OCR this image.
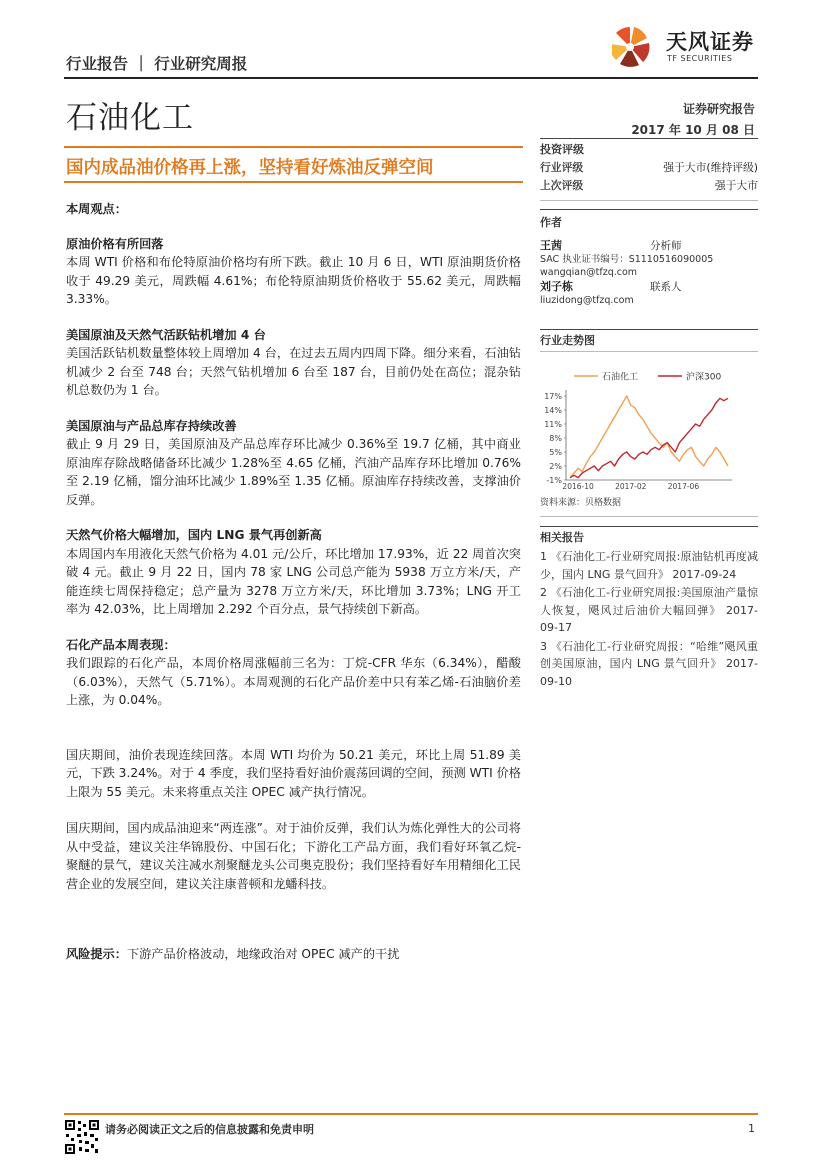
行业报告 ｜ 行业研究周报
天风证券
TF SECURITIES
石油化工	证券研究报告
2017 年 10 月 08 日
国内成品油价格再上涨，坚持看好炼油反弹空间
本周观点：
原油价格有所回落

本周 WTI 价格和布伦特原油价格均有所下跌。截止 10 月 6 日，WTI 原油期货价格收于 49.29 美元，周跌幅 4.61%；布伦特原油期货价格收于 55.62 美元，周跌幅 3.33%。

美国原油及天然气活跃钻机增加 4 台

美国活跃钻机数量整体较上周增加 4 台，在过去五周内四周下降。细分来看，石油钻机减少 2 台至 748 台；天然气钻机增加 6 台至 187 台，目前仍处在高位；混杂钻机总数仍为 1 台。

美国原油与产品总库存持续改善

截止 9 月 29 日，美国原油及产品总库存环比减少 0.36%至 19.7 亿桶，其中商业原油库存除战略储备环比减少 1.28%至 4.65 亿桶，汽油产品库存环比增加 0.76%至 2.19 亿桶，馏分油环比减少 1.89%至 1.35 亿桶。原油库存持续改善，支撑油价反弹。

天然气价格大幅增加，国内 LNG 景气再创新高

本周国内车用液化天然气价格为 4.01 元/公斤，环比增加 17.93%，近 22 周首次突破 4 元。截止 9 月 22 日，国内 78 家 LNG 公司总产能为 5938 万立方米/天，产能连续七周保持稳定；总产量为 3278 万立方米/天，环比增加 3.73%；LNG 开工率为 42.03%，比上周增加 2.292 个百分点，景气持续创下新高。

石化产品本周表现：

我们跟踪的石化产品，本周价格周涨幅前三名为：丁烷-CFR 华东（6.34%），醋酸（6.03%），天然气（5.71%）。本周观测的石化产品价差中只有苯乙烯-石油脑价差上涨，为 0.04%。

国庆期间，油价表现连续回落。本周 WTI 均价为 50.21 美元，环比上周 51.89 美元，下跌 3.24%。对于 4 季度，我们坚持看好油价震荡回调的空间，预测 WTI 价格上限为 55 美元。未来将重点关注 OPEC 减产执行情况。

国庆期间，国内成品油迎来“两连涨”。对于油价反弹，我们认为炼化弹性大的公司将从中受益，建议关注华锦股份、中国石化；下游化工产品方面，我们看好环氧乙烷-聚醚的景气，建议关注减水剂聚醚龙头公司奥克股份；我们坚持看好车用精细化工民营企业的发展空间，建议关注康普顿和龙蟠科技。

风险提示：下游产品价格波动，地缘政治对 OPEC 减产的干扰

投资评级
行业评级	强于大市(维持评级)
上次评级	强于大市
作者
王茜	分析师
SAC 执业证书编号：S1110516090005
wangqian@tfzq.com
刘子栋	联系人
liuzidong@tfzq.com
行业走势图
石油化工	沪深300
-1%
2%
5%
8%
11%
14%
17%
2016-10	2017-02	2017-06
资料来源：贝格数据
相关报告

1 《石油化工-行业研究周报:原油钻机再度减少，国内 LNG 景气回升》 2017-09-24

2 《石油化工-行业研究周报:美国原油产量惊人恢复，飓风过后油价大幅回弹》 2017-09-17

3 《石油化工-行业研究周报：“哈维”飓风重创美国原油，国内 LNG 景气回升》 2017-09-10

请务必阅读正文之后的信息披露和免责申明	1
